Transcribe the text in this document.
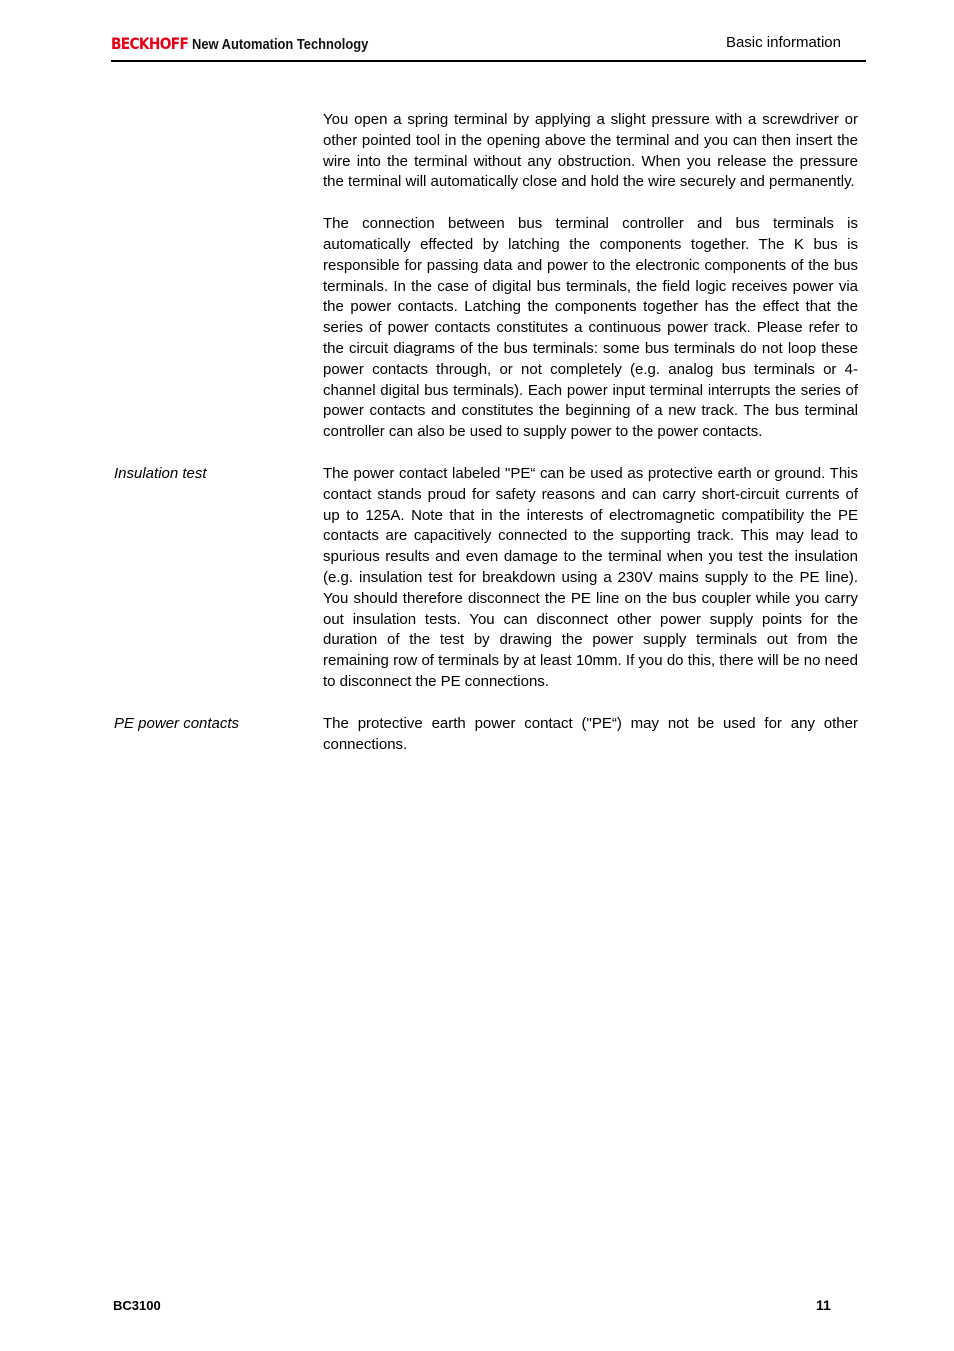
BECKHOFF New Automation Technology	Basic information

You open a spring terminal by applying a slight pressure with a screwdriver or other pointed tool in the opening above the terminal and you can then insert the wire into the terminal without any obstruction. When you release the pressure the terminal will automatically close and hold the wire securely and permanently.

The connection between bus terminal controller and bus terminals is automatically effected by latching the components together. The K bus is responsible for passing data and power to the electronic components of the bus terminals. In the case of digital bus terminals, the field logic receives power via the power contacts. Latching the components together has the effect that the series of power contacts constitutes a continuous power track. Please refer to the circuit diagrams of the bus terminals: some bus terminals do not loop these power contacts through, or not completely (e.g. analog bus terminals or 4-channel digital bus terminals). Each power input terminal interrupts the series of power contacts and constitutes the beginning of a new track. The bus terminal controller can also be used to supply power to the power contacts.

Insulation test	The power contact labeled "PE“ can be used as protective earth or ground. This contact stands proud for safety reasons and can carry short-circuit currents of up to 125A. Note that in the interests of electromagnetic compatibility the PE contacts are capacitively connected to the supporting track. This may lead to spurious results and even damage to the terminal when you test the insulation (e.g. insulation test for breakdown using a 230V mains supply to the PE line). You should therefore disconnect the PE line on the bus coupler while you carry out insulation tests. You can disconnect other power supply points for the duration of the test by drawing the power supply terminals out from the remaining row of terminals by at least 10mm. If you do this, there will be no need to disconnect the PE connections.

PE power contacts	The protective earth power contact ("PE“) may not be used for any other connections.

BC3100	11
